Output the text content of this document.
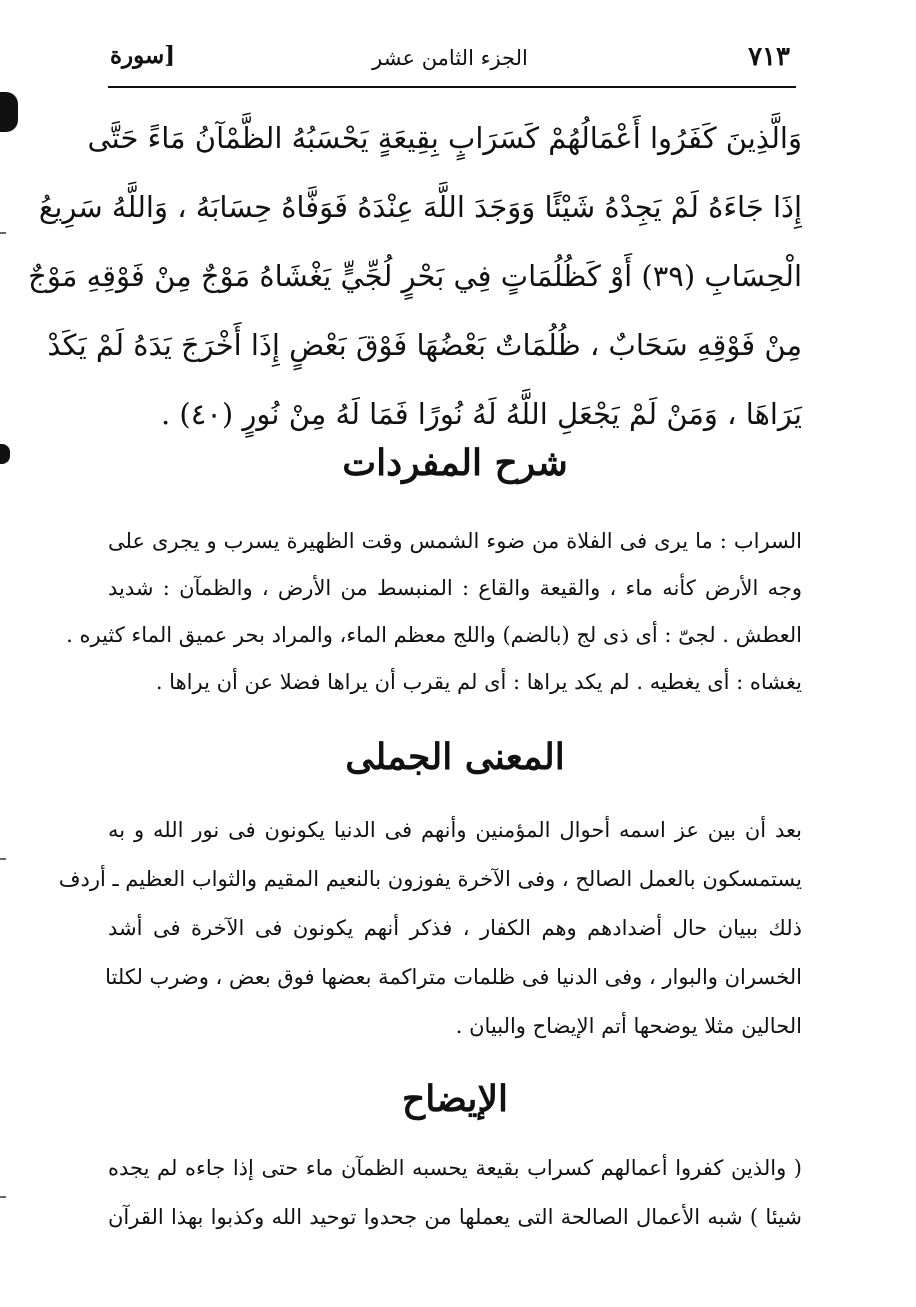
٧١٣
الجزء الثامن عشر
[سورة
وَالَّذِينَ كَفَرُوا أَعْمَالُهُمْ كَسَرَابٍ بِقِيعَةٍ يَحْسَبُهُ الظَّمْآنُ مَاءً حَتَّى
إِذَا جَاءَهُ لَمْ يَجِدْهُ شَيْئًا وَوَجَدَ اللَّهَ عِنْدَهُ فَوَفَّاهُ حِسَابَهُ ، وَاللَّهُ سَرِيعُ
الْحِسَابِ (٣٩) أَوْ كَظُلُمَاتٍ فِي بَحْرٍ لُجِّيٍّ يَغْشَاهُ مَوْجٌ مِنْ فَوْقِهِ مَوْجٌ
مِنْ فَوْقِهِ سَحَابٌ ، ظُلُمَاتٌ بَعْضُهَا فَوْقَ بَعْضٍ إِذَا أَخْرَجَ يَدَهُ لَمْ يَكَدْ
يَرَاهَا ، وَمَنْ لَمْ يَجْعَلِ اللَّهُ لَهُ نُورًا فَمَا لَهُ مِنْ نُورٍ (٤٠) .
شرح المفردات
السراب : ما يرى فى الفلاة من ضوء الشمس وقت الظهيرة يسرب و يجرى على
وجه الأرض كأنه ماء ، والقيعة والقاع : المنبسط من الأرض ، والظمآن : شديد
العطش . لجىّ : أى ذى لج (بالضم) واللج معظم الماء، والمراد بحر عميق الماء كثيره .
يغشاه : أى يغطيه . لم يكد يراها : أى لم يقرب أن يراها فضلا عن أن يراها .
المعنى الجملى
بعد أن بين عز اسمه أحوال المؤمنين وأنهم فى الدنيا يكونون فى نور الله و به
يستمسكون بالعمل الصالح ، وفى الآخرة يفوزون بالنعيم المقيم والثواب العظيم ـ أردف
ذلك ببيان حال أضدادهم وهم الكفار ، فذكر أنهم يكونون فى الآخرة فى أشد
الخسران والبوار ، وفى الدنيا فى ظلمات متراكمة بعضها فوق بعض ، وضرب لكلتا
الحالين مثلا يوضحها أتم الإيضاح والبيان .
الإيضاح
( والذين كفروا أعمالهم كسراب بقيعة يحسبه الظمآن ماء حتى إذا جاءه لم يجده
شيئا ) شبه الأعمال الصالحة التى يعملها من جحدوا توحيد الله وكذبوا بهذا القرآن
